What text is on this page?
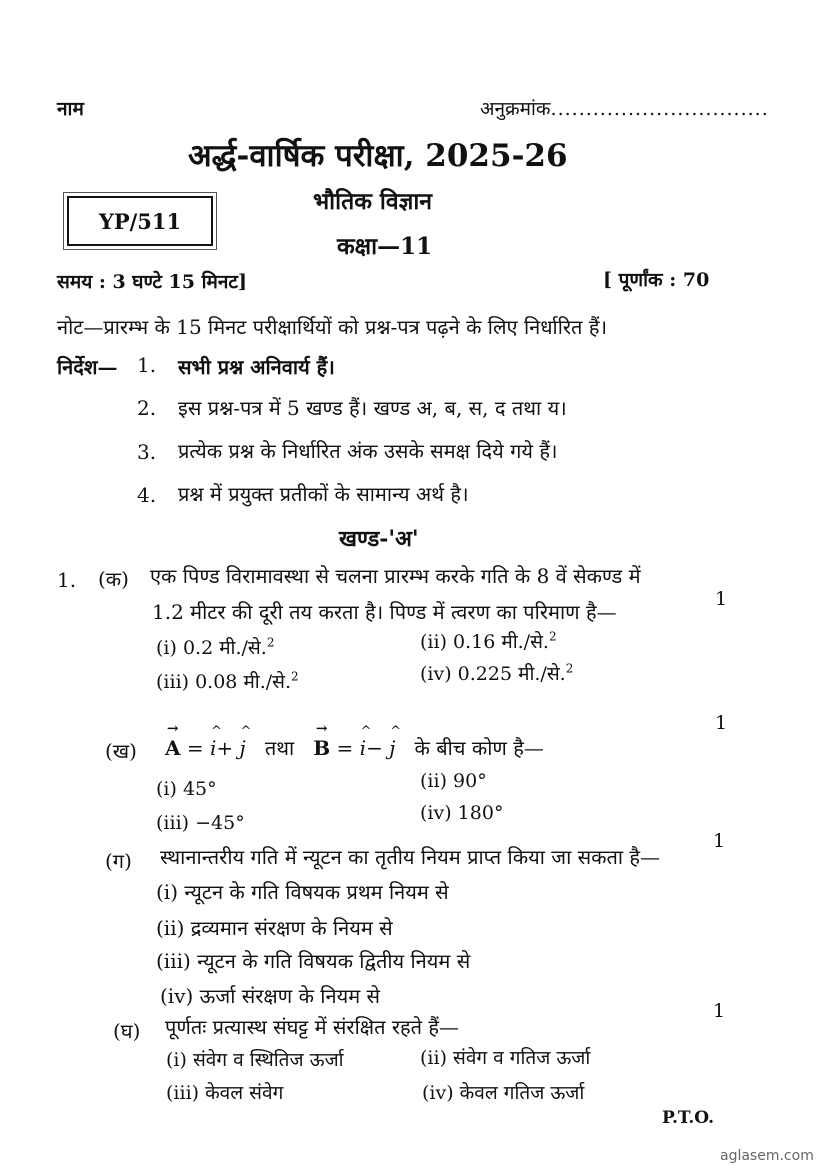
नाम	अनुक्रमांक...............................
अर्द्ध-वार्षिक परीक्षा, 2025-26
YP/511
भौतिक विज्ञान
कक्षा—11
समय : 3 घण्टे 15 मिनट]	[ पूर्णांक : 70
नोट—प्रारम्भ के 15 मिनट परीक्षार्थियों को प्रश्न-पत्र पढ़ने के लिए निर्धारित हैं।
निर्देश— 1. सभी प्रश्न अनिवार्य हैं।
2. इस प्रश्न-पत्र में 5 खण्ड हैं। खण्ड अ, ब, स, द तथा य।
3. प्रत्येक प्रश्न के निर्धारित अंक उसके समक्ष दिये गये हैं।
4. प्रश्न में प्रयुक्त प्रतीकों के सामान्य अर्थ है।
खण्ड-'अ'
1. (क) एक पिण्ड विरामावस्था से चलना प्रारम्भ करके गति के 8 वें सेकण्ड में
1.2 मीटर की दूरी तय करता है। पिण्ड में त्वरण का परिमाण है—
1
(i) 0.2 मी./से.$^2$	(ii) 0.16 मी./से.$^2$
(iii) 0.08 मी./से.$^2$	(iv) 0.225 मी./से.$^2$
(ख) → A = ^ i+ ^ j तथा → B = ^ i− ^ j के बीच कोण है—
1
(i) 45°	(ii) 90°
(iii) −45°	(iv) 180°
(ग) स्थानान्तरीय गति में न्यूटन का तृतीय नियम प्राप्त किया जा सकता है—
1
(i) न्यूटन के गति विषयक प्रथम नियम से
(ii) द्रव्यमान संरक्षण के नियम से
(iii) न्यूटन के गति विषयक द्वितीय नियम से
(iv) ऊर्जा संरक्षण के नियम से
(घ) पूर्णतः प्रत्यास्थ संघट्ट में संरक्षित रहते हैं—
1
(i) संवेग व स्थितिज ऊर्जा	(ii) संवेग व गतिज ऊर्जा
(iii) केवल संवेग	(iv) केवल गतिज ऊर्जा
P.T.O.
aglasem.com
